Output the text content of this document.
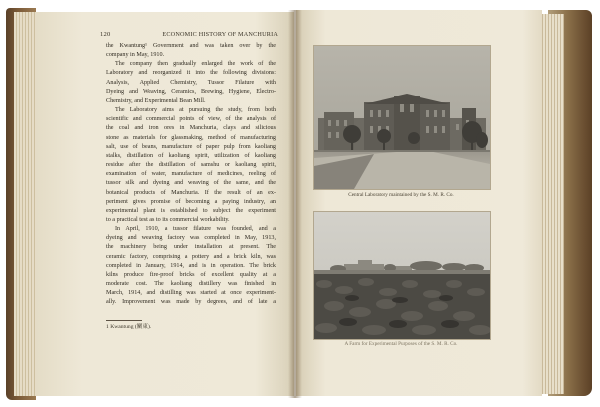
120	ECONOMIC HISTORY OF MANCHURIA
the Kwantung¹ Government and was taken over by the
company in May, 1910.
The company then gradually enlarged the work of the
Laboratory and reorganized it into the following divisions:
Analysis, Applied Chemistry, Tussor Filature with
Dyeing and Weaving, Ceramics, Brewing, Hygiene, Electro-
Chemistry, and Experimental Bean Mill.
The Laboratory aims at pursuing the study, from both
scientific and commercial points of view, of the analysis of
the coal and iron ores in Manchuria, clays and silicious
stone as materials for glassmaking, method of manufacturing
salt, use of beans, manufacture of paper pulp from kaoliang
stalks, distillation of kaoliang spirit, utilization of kaoliang
residue after the distillation of samshu or kaoliang spirit,
examination of water, manufacture of medicines, reeling of
tussor silk and dyeing and weaving of the same, and the
botanical products of Manchuria. If the result of an ex-
periment gives promise of becoming a paying industry, an
experimental plant is established to subject the experiment
to a practical test as to its commercial workability.
In April, 1910, a tussor filature was founded, and a
dyeing and weaving factory was completed in May, 1913,
the machinery being under installation at present. The
ceramic factory, comprising a pottery and a brick kiln, was
completed in January, 1914, and is in operation. The brick
kilns produce fire-proof bricks of excellent quality at a
moderate cost. The kaoliang distillery was finished in
March, 1914, and distilling was started at once experiment-
ally. Improvement was made by degrees, and of late a
1 Kwantung (關東).
Central Laboratory maintained by the S. M. R. Co.
A Farm for Experimental Purposes of the S. M. R. Co.
